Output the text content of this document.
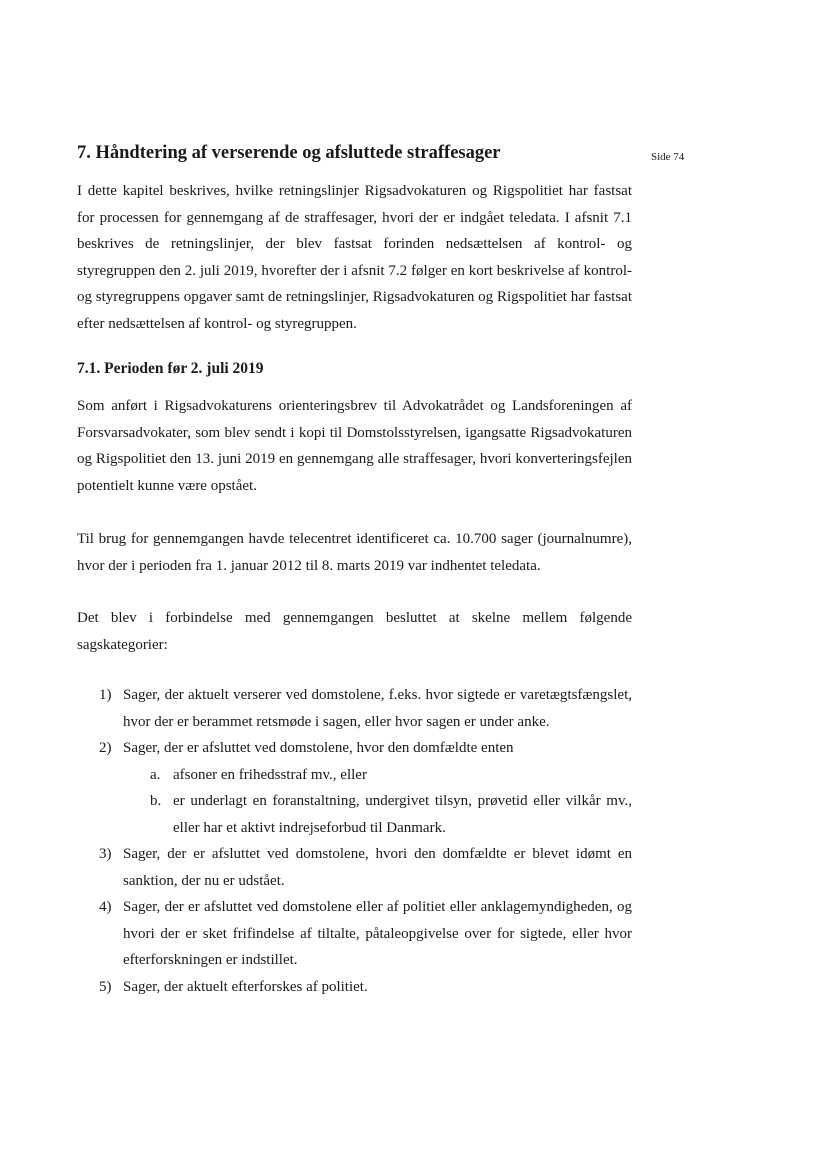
Side 74
7. Håndtering af verserende og afsluttede straffesager

I dette kapitel beskrives, hvilke retningslinjer Rigsadvokaturen og Rigspolitiet har fastsat for processen for gennemgang af de straffesager, hvori der er indgået teledata. I afsnit 7.1 beskrives de retningslinjer, der blev fastsat forinden nedsættelsen af kontrol- og styregruppen den 2. juli 2019, hvorefter der i afsnit 7.2 følger en kort beskrivelse af kontrol- og styregruppens opgaver samt de retningslinjer, Rigsadvokaturen og Rigspolitiet har fastsat efter nedsættelsen af kontrol- og styregruppen.

7.1. Perioden før 2. juli 2019

Som anført i Rigsadvokaturens orienteringsbrev til Advokatrådet og Landsforeningen af Forsvarsadvokater, som blev sendt i kopi til Domstolsstyrelsen, igangsatte Rigsadvokaturen og Rigspolitiet den 13. juni 2019 en gennemgang alle straffesager, hvori konverteringsfejlen potentielt kunne være opstået.

Til brug for gennemgangen havde telecentret identificeret ca. 10.700 sager (journalnumre), hvor der i perioden fra 1. januar 2012 til 8. marts 2019 var indhentet teledata.

Det blev i forbindelse med gennemgangen besluttet at skelne mellem følgende sagskategorier:

1) Sager, der aktuelt verserer ved domstolene, f.eks. hvor sigtede er varetægtsfængslet, hvor der er berammet retsmøde i sagen, eller hvor sagen er under anke.
2) Sager, der er afsluttet ved domstolene, hvor den domfældte enten
a. afsoner en frihedsstraf mv., eller
b. er underlagt en foranstaltning, undergivet tilsyn, prøvetid eller vilkår mv., eller har et aktivt indrejseforbud til Danmark.
3) Sager, der er afsluttet ved domstolene, hvori den domfældte er blevet idømt en sanktion, der nu er udstået.
4) Sager, der er afsluttet ved domstolene eller af politiet eller anklagemyndigheden, og hvori der er sket frifindelse af tiltalte, påtaleopgivelse over for sigtede, eller hvor efterforskningen er indstillet.
5) Sager, der aktuelt efterforskes af politiet.
